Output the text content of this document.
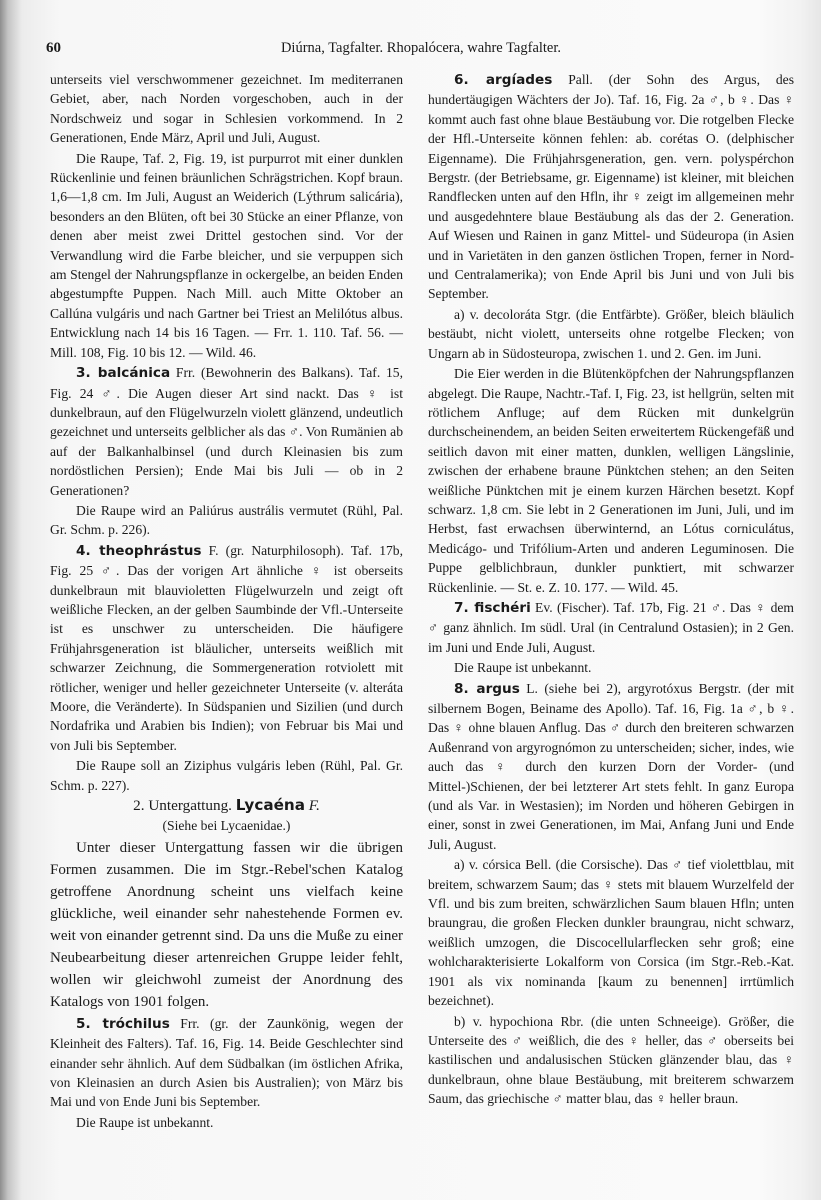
60	Diúrna, Tagfalter. Rhopalócera, wahre Tagfalter.

unterseits viel verschwommener gezeichnet. Im mediterranen Gebiet, aber, nach Norden vorgeschoben, auch in der Nordschweiz und sogar in Schlesien vorkommend. In 2 Generationen, Ende März, April und Juli, August.

Die Raupe, Taf. 2, Fig. 19, ist purpurrot mit einer dunklen Rückenlinie und feinen bräunlichen Schrägstrichen. Kopf braun. 1,6—1,8 cm. Im Juli, August an Weiderich (Lýthrum salicária), besonders an den Blüten, oft bei 30 Stücke an einer Pflanze, von denen aber meist zwei Drittel gestochen sind. Vor der Verwandlung wird die Farbe bleicher, und sie verpuppen sich am Stengel der Nahrungspflanze in ockergelbe, an beiden Enden abgestumpfte Puppen. Nach Mill. auch Mitte Oktober an Callúna vulgáris und nach Gartner bei Triest an Melilótus albus. Entwicklung nach 14 bis 16 Tagen. — Frr. 1. 110. Taf. 56. — Mill. 108, Fig. 10 bis 12. — Wild. 46.

3. balcánica Frr. (Bewohnerin des Balkans). Taf. 15, Fig. 24 ♂. Die Augen dieser Art sind nackt. Das ♀ ist dunkelbraun, auf den Flügelwurzeln violett glänzend, undeutlich gezeichnet und unterseits gelblicher als das ♂. Von Rumänien ab auf der Balkanhalbinsel (und durch Kleinasien bis zum nordöstlichen Persien); Ende Mai bis Juli — ob in 2 Generationen?

Die Raupe wird an Paliúrus austrális vermutet (Rühl, Pal. Gr. Schm. p. 226).

4. theophrástus F. (gr. Naturphilosoph). Taf. 17b, Fig. 25 ♂. Das der vorigen Art ähnliche ♀ ist oberseits dunkelbraun mit blauvioletten Flügelwurzeln und zeigt oft weißliche Flecken, an der gelben Saumbinde der Vfl.-Unterseite ist es unschwer zu unterscheiden. Die häufigere Frühjahrsgeneration ist bläulicher, unterseits weißlich mit schwarzer Zeichnung, die Sommergeneration rotviolett mit rötlicher, weniger und heller gezeichneter Unterseite (v. alteráta Moore, die Veränderte). In Südspanien und Sizilien (und durch Nordafrika und Arabien bis Indien); von Februar bis Mai und von Juli bis September.

Die Raupe soll an Ziziphus vulgáris leben (Rühl, Pal. Gr. Schm. p. 227).

2. Untergattung. Lycaéna F.

(Siehe bei Lycaenidae.)

Unter dieser Untergattung fassen wir die übrigen Formen zusammen. Die im Stgr.-Rebel'schen Katalog getroffene Anordnung scheint uns vielfach keine glückliche, weil einander sehr nahestehende Formen ev. weit von einander getrennt sind. Da uns die Muße zu einer Neubearbeitung dieser artenreichen Gruppe leider fehlt, wollen wir gleichwohl zumeist der Anordnung des Katalogs von 1901 folgen.

5. tróchilus Frr. (gr. der Zaunkönig, wegen der Kleinheit des Falters). Taf. 16, Fig. 14. Beide Geschlechter sind einander sehr ähnlich. Auf dem Südbalkan (im östlichen Afrika, von Kleinasien an durch Asien bis Australien); von März bis Mai und von Ende Juni bis September.

Die Raupe ist unbekannt.

6. argíades Pall. (der Sohn des Argus, des hundertäugigen Wächters der Jo). Taf. 16, Fig. 2a ♂, b ♀. Das ♀ kommt auch fast ohne blaue Bestäubung vor. Die rotgelben Flecke der Hfl.-Unterseite können fehlen: ab. corétas O. (delphischer Eigenname). Die Frühjahrsgeneration, gen. vern. polyspérchon Bergstr. (der Betriebsame, gr. Eigenname) ist kleiner, mit bleichen Randflecken unten auf den Hfln, ihr ♀ zeigt im allgemeinen mehr und ausgedehntere blaue Bestäubung als das der 2. Generation. Auf Wiesen und Rainen in ganz Mittel- und Südeuropa (in Asien und in Varietäten in den ganzen östlichen Tropen, ferner in Nord- und Centralamerika); von Ende April bis Juni und von Juli bis September.

a) v. decoloráta Stgr. (die Entfärbte). Größer, bleich bläulich bestäubt, nicht violett, unterseits ohne rotgelbe Flecken; von Ungarn ab in Südosteuropa, zwischen 1. und 2. Gen. im Juni.

Die Eier werden in die Blütenköpfchen der Nahrungspflanzen abgelegt. Die Raupe, Nachtr.-Taf. I, Fig. 23, ist hellgrün, selten mit rötlichem Anfluge; auf dem Rücken mit dunkelgrün durchscheinendem, an beiden Seiten erweitertem Rückengefäß und seitlich davon mit einer matten, dunklen, welligen Längslinie, zwischen der erhabene braune Pünktchen stehen; an den Seiten weißliche Pünktchen mit je einem kurzen Härchen besetzt. Kopf schwarz. 1,8 cm. Sie lebt in 2 Generationen im Juni, Juli, und im Herbst, fast erwachsen überwinternd, an Lótus corniculátus, Medicágo- und Trifólium-Arten und anderen Leguminosen. Die Puppe gelblichbraun, dunkler punktiert, mit schwarzer Rückenlinie. — St. e. Z. 10. 177. — Wild. 45.

7. fischéri Ev. (Fischer). Taf. 17b, Fig. 21 ♂. Das ♀ dem ♂ ganz ähnlich. Im südl. Ural (in Centralund Ostasien); in 2 Gen. im Juni und Ende Juli, August.

Die Raupe ist unbekannt.

8. argus L. (siehe bei 2), argyrotóxus Bergstr. (der mit silbernem Bogen, Beiname des Apollo). Taf. 16, Fig. 1a ♂, b ♀. Das ♀ ohne blauen Anflug. Das ♂ durch den breiteren schwarzen Außenrand von argyrognómon zu unterscheiden; sicher, indes, wie auch das ♀ durch den kurzen Dorn der Vorder- (und Mittel-)Schienen, der bei letzterer Art stets fehlt. In ganz Europa (und als Var. in Westasien); im Norden und höheren Gebirgen in einer, sonst in zwei Generationen, im Mai, Anfang Juni und Ende Juli, August.

a) v. córsica Bell. (die Corsische). Das ♂ tief violettblau, mit breitem, schwarzem Saum; das ♀ stets mit blauem Wurzelfeld der Vfl. und bis zum breiten, schwärzlichen Saum blauen Hfln; unten braungrau, die großen Flecken dunkler braungrau, nicht schwarz, weißlich umzogen, die Discocellularflecken sehr groß; eine wohlcharakterisierte Lokalform von Corsica (im Stgr.-Reb.-Kat. 1901 als vix nominanda [kaum zu benennen] irrtümlich bezeichnet).

b) v. hypochiona Rbr. (die unten Schneeige). Größer, die Unterseite des ♂ weißlich, die des ♀ heller, das ♂ oberseits bei kastilischen und andalusischen Stücken glänzender blau, das ♀ dunkelbraun, ohne blaue Bestäubung, mit breiterem schwarzem Saum, das griechische ♂ matter blau, das ♀ heller braun.
